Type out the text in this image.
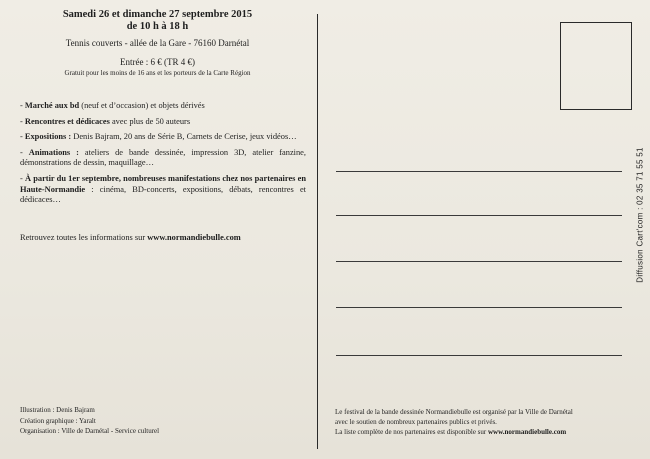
Samedi 26 et dimanche 27 septembre 2015
de 10 h à 18 h
Tennis couverts - allée de la Gare - 76160 Darnétal
Entrée : 6 € (TR 4 €)
Gratuit pour les moins de 16 ans et les porteurs de la Carte Région

- Marché aux bd (neuf et d’occasion) et objets dérivés

- Rencontres et dédicaces avec plus de 50 auteurs

- Expositions : Denis Bajram, 20 ans de Série B, Carnets de Cerise, jeux vidéos…

- Animations : ateliers de bande dessinée, impression 3D, atelier fanzine, démonstrations de dessin, maquillage…

- À partir du 1er septembre, nombreuses manifestations chez nos partenaires en Haute-Normandie : cinéma, BD-concerts, expositions, débats, rencontres et dédicaces…

Retrouvez toutes les informations sur www.normandiebulle.com
Illustration : Denis Bajram
Création graphique : Yaralt
Organisation : Ville de Darnétal - Service culturel
Diffusion Cart'com : 02 35 71 55 51
Le festival de la bande dessinée Normandiebulle est organisé par la Ville de Darnétal
avec le soutien de nombreux partenaires publics et privés.
La liste complète de nos partenaires est disponible sur www.normandiebulle.com
